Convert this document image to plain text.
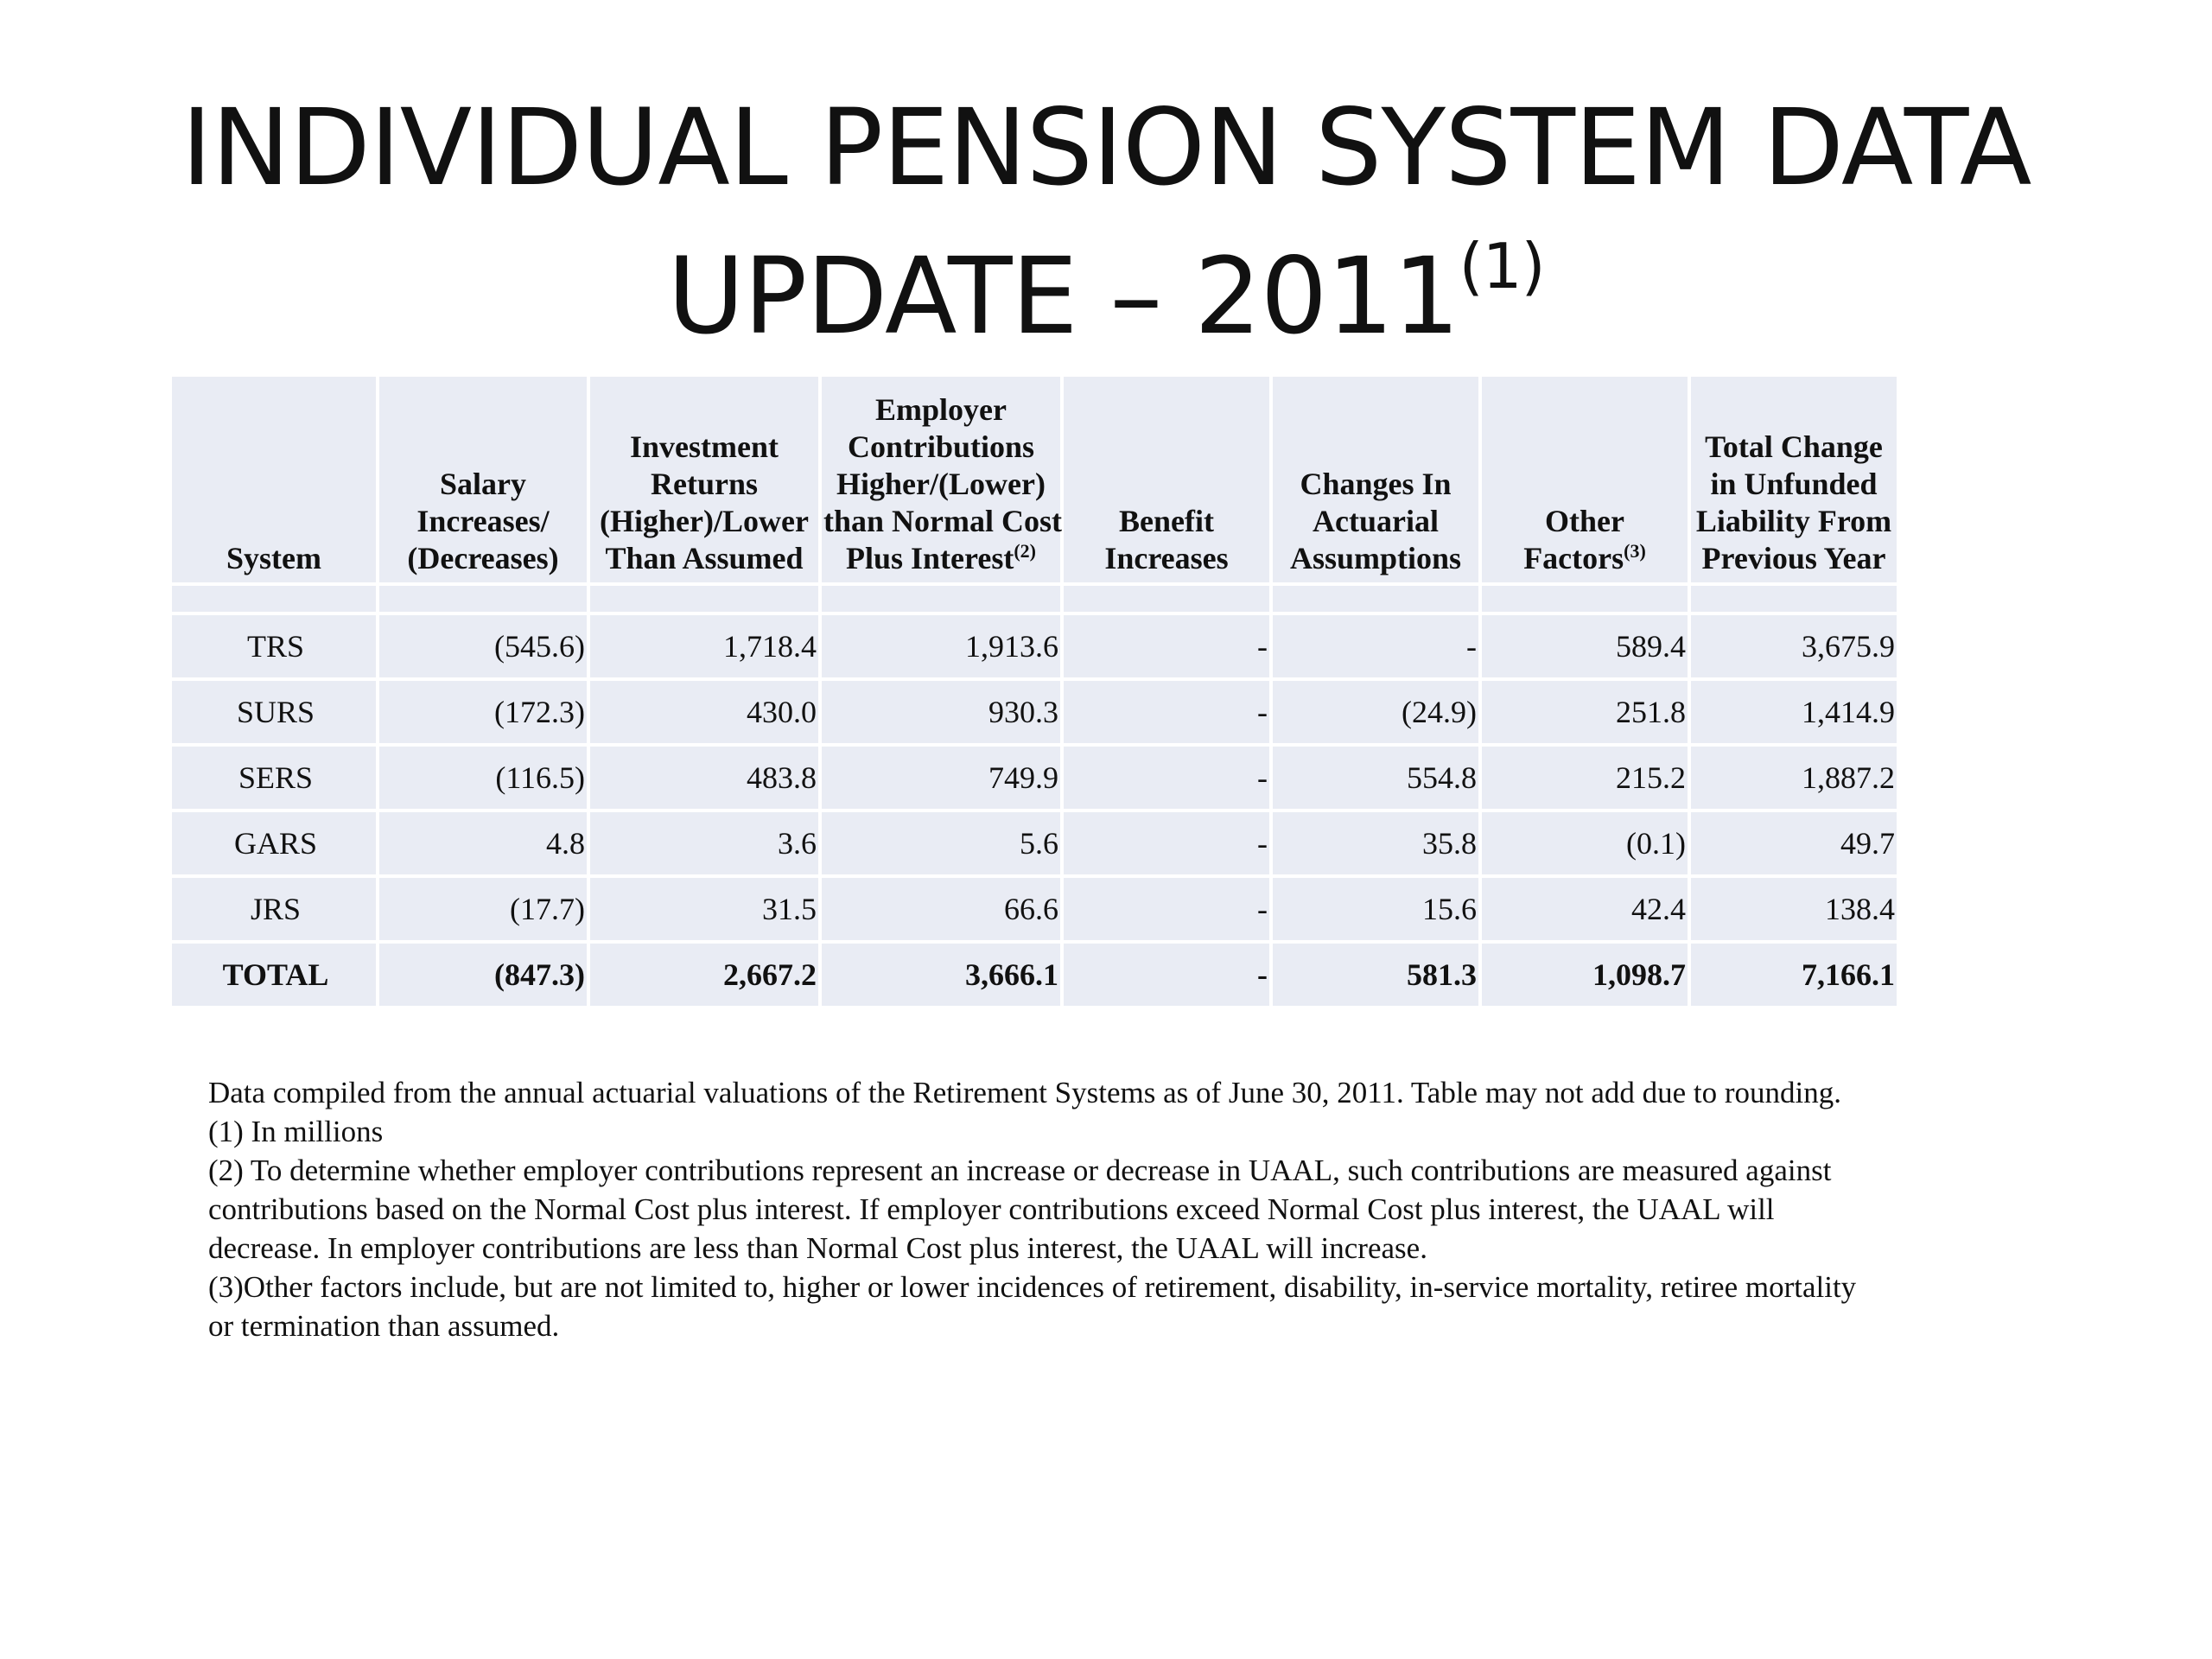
INDIVIDUAL PENSION SYSTEM DATA
UPDATE – 2011$^{(1)}$
System	Salary
Increases/
(Decreases)	Investment
Returns
(Higher)/Lower
Than Assumed	Employer
Contributions
Higher/(Lower)
than Normal Cost
Plus Interest$^{(2)}$	Benefit
Increases	Changes In
Actuarial
Assumptions	Other
Factors$^{(3)}$	Total Change
in Unfunded
Liability From
Previous Year

TRS	(545.6)	1,718.4	1,913.6	-	-	589.4	3,675.9
SURS	(172.3)	430.0	930.3	-	(24.9)	251.8	1,414.9
SERS	(116.5)	483.8	749.9	-	554.8	215.2	1,887.2
GARS	4.8	3.6	5.6	-	35.8	(0.1)	49.7
JRS	(17.7)	31.5	66.6	-	15.6	42.4	138.4
TOTAL	(847.3)	2,667.2	3,666.1	-	581.3	1,098.7	7,166.1

Data compiled from the annual actuarial valuations of the Retirement Systems as of June 30, 2011. Table may not add due to rounding.

(1) In millions

(2) To determine whether employer contributions represent an increase or decrease in UAAL, such contributions are measured against contributions based on the Normal Cost plus interest. If employer contributions exceed Normal Cost plus interest, the UAAL will decrease. In employer contributions are less than Normal Cost plus interest, the UAAL will increase.

(3)Other factors include, but are not limited to, higher or lower incidences of retirement, disability, in-service mortality, retiree mortality or termination than assumed.
